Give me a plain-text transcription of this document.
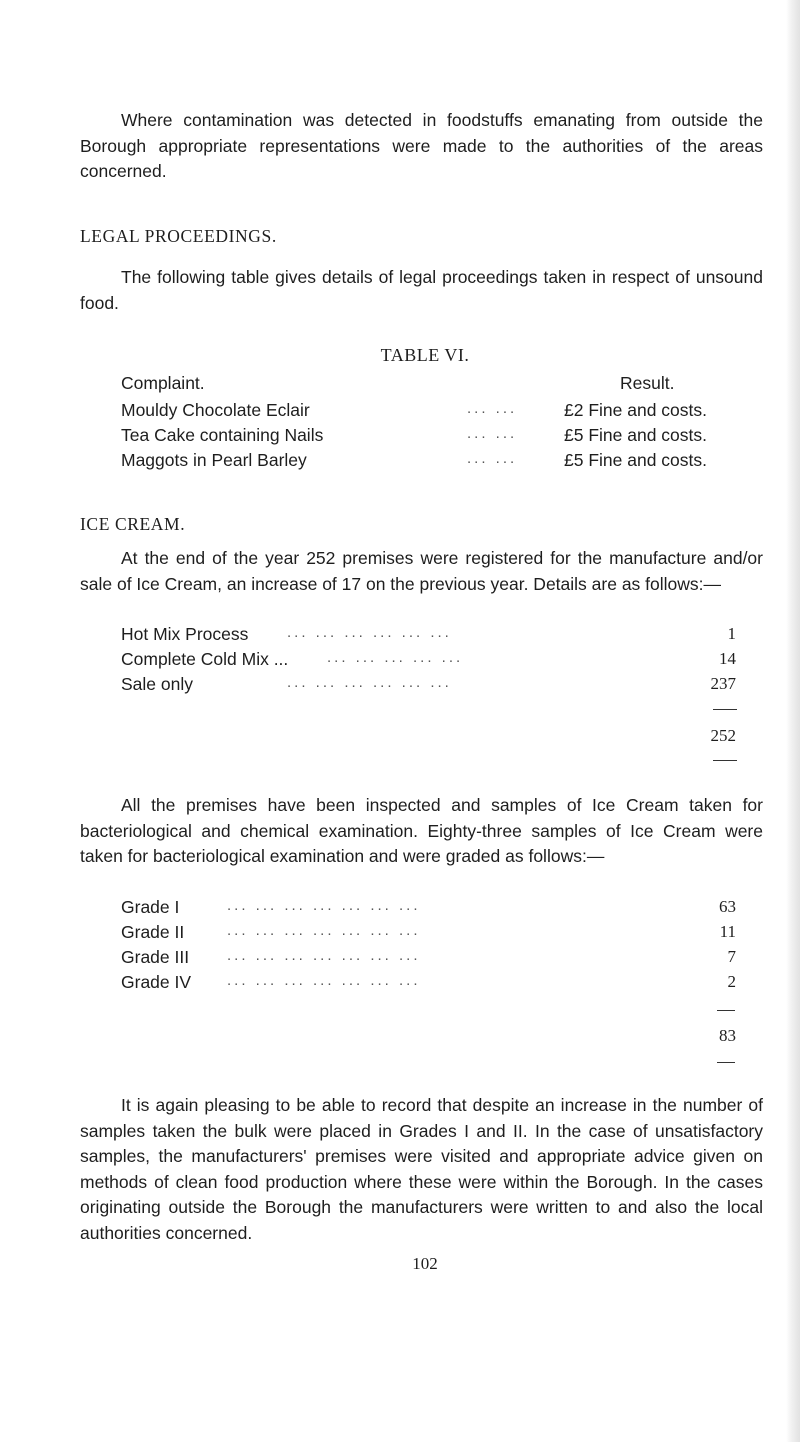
Where contamination was detected in foodstuffs emanating from outside the Borough appropriate representations were made to the authorities of the areas concerned.

LEGAL PROCEEDINGS.

The following table gives details of legal proceedings taken in respect of unsound food.

TABLE VI.
Complaint.	Result.
Mouldy Chocolate Eclair	... ...	£2 Fine and costs.
Tea Cake containing Nails	... ...	£5 Fine and costs.
Maggots in Pearl Barley	... ...	£5 Fine and costs.
ICE CREAM.

At the end of the year 252 premises were registered for the manufacture and/or sale of Ice Cream, an increase of 17 on the previous year. Details are as follows:—

Hot Mix Process	... ... ... ... ... ...	1
Complete Cold Mix ...	... ... ... ... ...	14
Sale only	... ... ... ... ... ...	237
252

All the premises have been inspected and samples of Ice Cream taken for bacteriological and chemical examination. Eighty-three samples of Ice Cream were taken for bacteriological examination and were graded as follows:—

Grade I	... ... ... ... ... ... ...	63
Grade II	... ... ... ... ... ... ...	11
Grade III	... ... ... ... ... ... ...	7
Grade IV ... ... ... ... ... ... ...	2
83

It is again pleasing to be able to record that despite an increase in the number of samples taken the bulk were placed in Grades I and II. In the case of unsatisfactory samples, the manufacturers' premises were visited and appropriate advice given on methods of clean food production where these were within the Borough. In the cases originating outside the Borough the manufacturers were written to and also the local authorities concerned.

102
